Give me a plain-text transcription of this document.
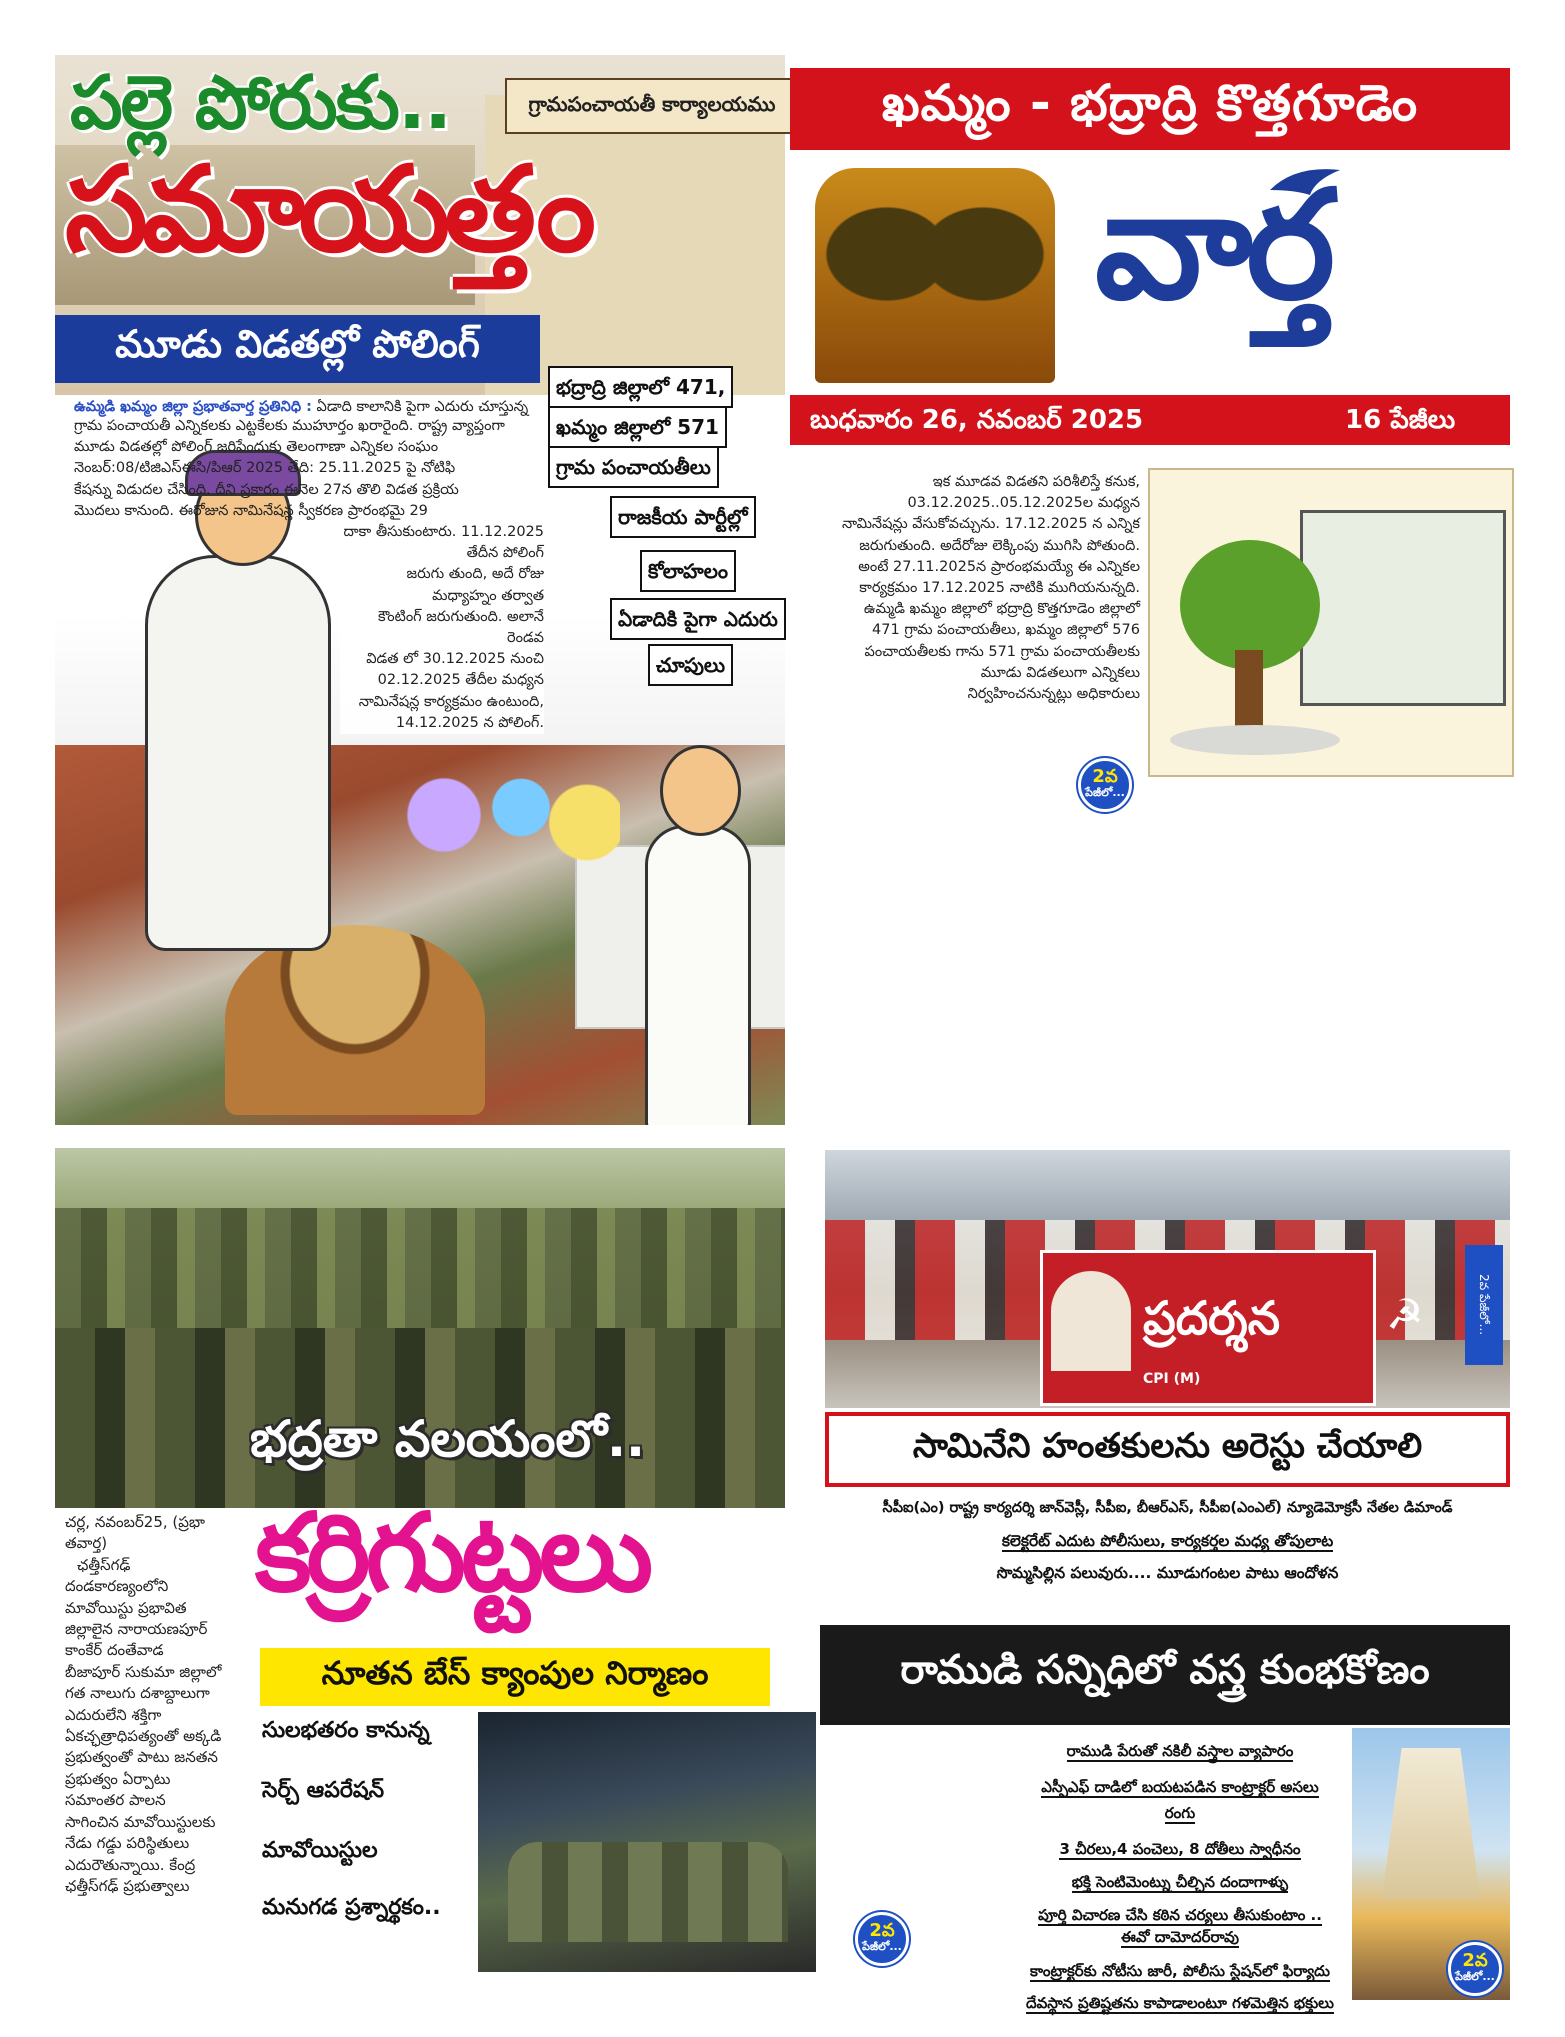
పల్లె పోరుకు..	గ్రామపంచాయతీ కార్యాలయము
సమాయత్తం
మూడు విడతల్లో పోలింగ్
ఉమ్మడి ఖమ్మం జిల్లా ప్రభాతవార్త ప్రతినిధి : ఏడాది కాలానికి పైగా ఎదురు చూస్తున్న
గ్రామ పంచాయతీ ఎన్నికలకు ఎట్టకేలకు ముహూర్తం ఖరారైంది. రాష్ట్ర వ్యాప్తంగా
మూడు విడతల్లో పోలింగ్ జరిపేందుకు తెలంగాణా ఎన్నికల సంఘం
నెంబర్:08/టిజిఎస్ఈసి/పిఆర్ 2025 తేది: 25.11.2025 పై నోటిఫి
కేషన్ను విడుదల చేసింది. దీని ప్రకారం ఈనెల 27న తొలి విడత ప్రక్రియ
మొదలు కానుంది. ఈరోజున నామినేషన్ల స్వీకరణ ప్రారంభమై 29
దాకా తీసుకుంటారు. 11.12.2025 తేదీన పోలింగ్
జరుగు తుంది, అదే రోజు మధ్యాహ్నం తర్వాత
కౌంటింగ్ జరుగుతుంది. అలానే రెండవ
విడత లో 30.12.2025 నుంచి
02.12.2025 తేదీల మధ్యన
నామినేషన్ల కార్యక్రమం ఉంటుంది,
14.12.2025 న పోలింగ్.
భద్రాద్రి జిల్లాలో 471,
ఖమ్మం జిల్లాలో 571
గ్రామ పంచాయతీలు
రాజకీయ పార్టీల్లో
కోలాహలం
ఏడాదికి పైగా ఎదురు
చూపులు
ఖమ్మం - భద్రాద్రి కొత్తగూడెం
వార్త
బుధవారం 26, నవంబర్ 2025	16 పేజీలు
ఇక మూడవ విడతని పరిశీలిస్తే కనుక,
03.12.2025..05.12.2025ల మధ్యన
నామినేషన్లు వేసుకోవచ్చును. 17.12.2025 న ఎన్నిక
జరుగుతుంది. అదేరోజు లెక్కింపు ముగిసి పోతుంది.
అంటే 27.11.2025న ప్రారంభమయ్యే ఈ ఎన్నికల
కార్యక్రమం 17.12.2025 నాటికి ముగియనున్నది.
ఉమ్మడి ఖమ్మం జిల్లాలో భద్రాద్రి కొత్తగూడెం జిల్లాలో
471 గ్రామ పంచాయతీలు, ఖమ్మం జిల్లాలో 576
పంచాయతీలకు గాను 571 గ్రామ పంచాయతీలకు
మూడు విడతలుగా ఎన్నికలు
నిర్వహించనున్నట్లు అధికారులు
2వ
పేజీలో...
భద్రతా వలయంలో..
కర్రిగుట్టలు
నూతన బేస్ క్యాంపుల నిర్మాణం
చర్ల, నవంబర్25, (ప్రభా తవార్త)
ఛత్తీస్‌గఢ్
దండకారణ్యంలోని
మావోయిస్టు ప్రభావిత
జిల్లాలైన నారాయణపూర్
కాంకేర్ దంతేవాడ
బీజాపూర్ సుకుమా జిల్లాలో
గత నాలుగు దశాబ్దాలుగా
ఎదురులేని శక్తిగా
ఏకచ్ఛత్రాధిపత్యంతో అక్కడి
ప్రభుత్వంతో పాటు జనతన
ప్రభుత్వం ఏర్పాటు
సమాంతర పాలన
సాగించిన మావోయిస్టులకు
నేడు గడ్డు పరిస్థితులు
ఎదురౌతున్నాయి. కేంద్ర
ఛత్తీస్‌గఢ్ ప్రభుత్వాలు
సులభతరం కానున్న
సెర్చ్ ఆపరేషన్
మావోయిస్టుల
మనుగడ ప్రశ్నార్థకం..
2వ
పేజీలో...
ప్రదర్శన
CPI (M)
☭	2వ పేజీలో...
సామినేని హంతకులను అరెస్టు చేయాలి
సీపీఐ(ఎం) రాష్ట్ర కార్యదర్శి జాన్‌వెస్లీ, సీపీఐ, బీఆర్‌ఎస్, సీపీఐ(ఎంఎల్) న్యూడెమోక్రసీ నేతల డిమాండ్
కలెక్టరేట్ ఎదుట పోలీసులు, కార్యకర్తల మధ్య తోపులాట
సొమ్మసిల్లిన పలువురు.... మూడుగంటల పాటు ఆందోళన
రాముడి సన్నిధిలో వస్త్ర కుంభకోణం
రాముడి పేరుతో నకిలీ వస్త్రాల వ్యాపారం
ఎస్పీఎఫ్ దాడిలో బయటపడిన కాంట్రాక్టర్ అసలు
రంగు
3 చీరలు,4 పంచెలు, 8 దోతీలు స్వాధీనం
భక్తి సెంటిమెంట్ను చీల్చిన దందాగాళ్ళు
పూర్తి విచారణ చేసి కఠిన చర్యలు తీసుకుంటాం ..
ఈవో దామోదర్‌రావు
కాంట్రాక్టర్‌కు నోటీసు జారీ, పోలీసు స్టేషన్‌లో ఫిర్యాదు
దేవస్థాన ప్రతిష్టతను కాపాడాలంటూ గళమెత్తిన భక్తులు
2వ
పేజీలో...
